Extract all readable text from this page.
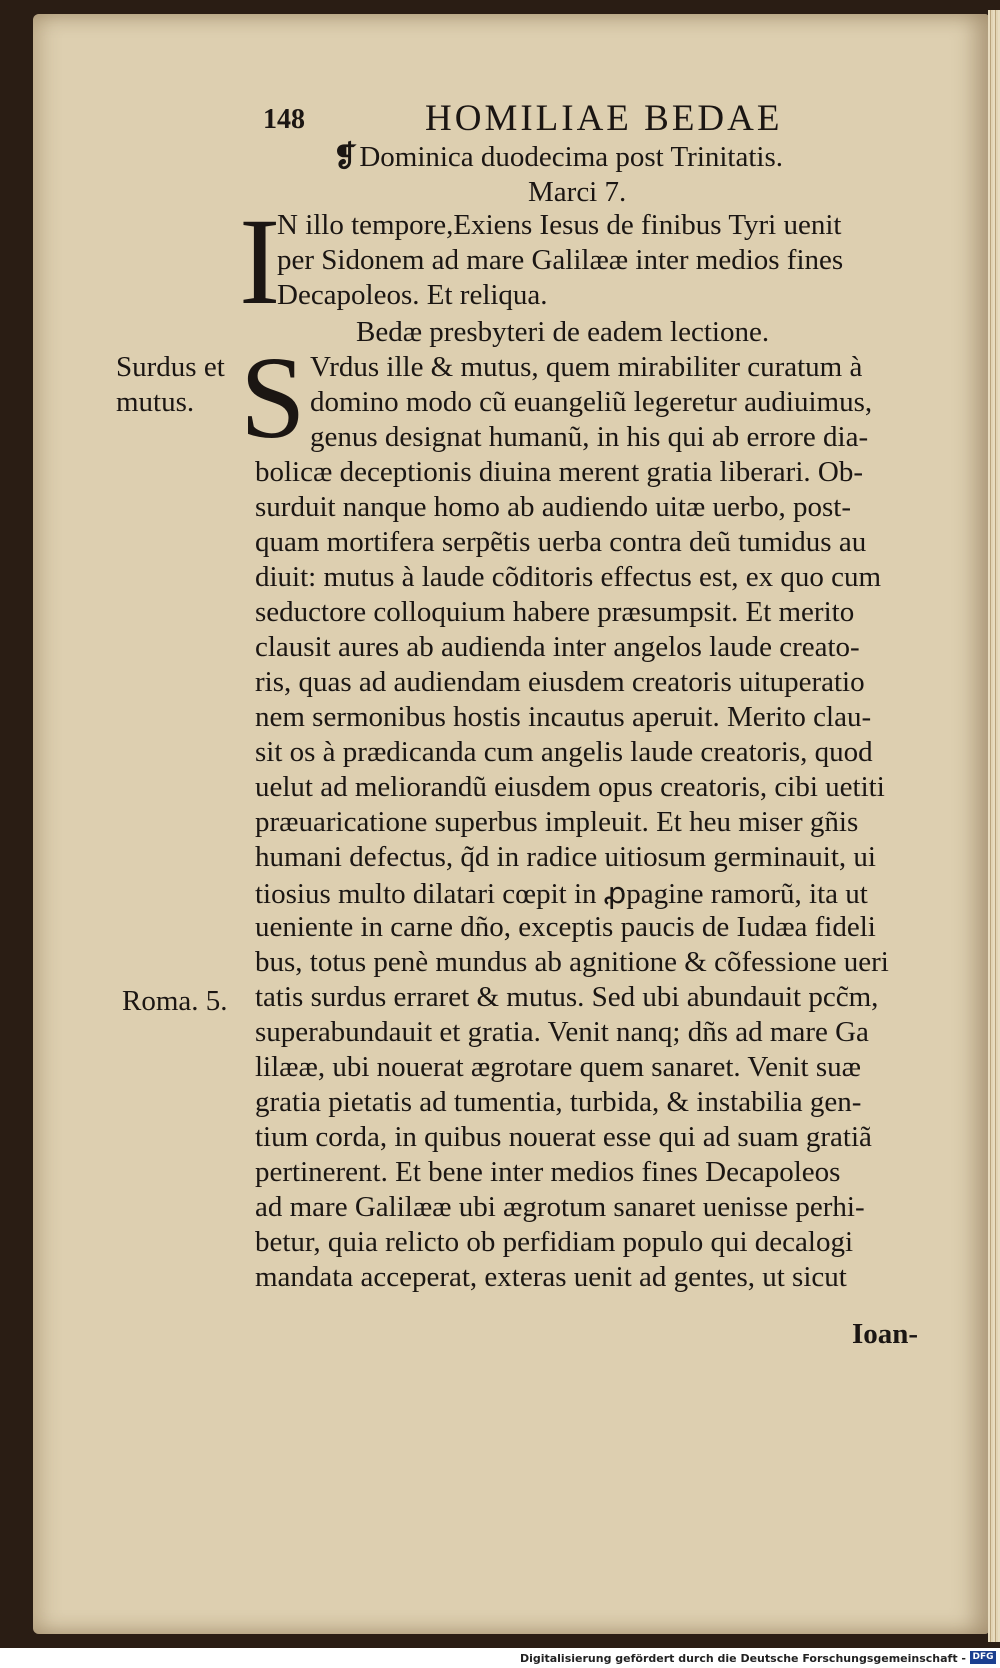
148	HOMILIAE BEDAE
❡Dominica duodecima post Trinitatis.
Marci 7.
I
N illo tempore,Exiens Iesus de finibus Tyri uenit
per Sidonem ad mare Galilææ inter medios fines
Decapoleos. Et reliqua.
Bedæ presbyteri de eadem lectione.
S Vrdus ille & mutus, quem mirabiliter curatum à
domino modo cũ euangeliũ legeretur audiuimus,
genus designat humanũ, in his qui ab errore dia-
bolicæ deceptionis diuina merent gratia liberari. Ob-
surduit nanque homo ab audiendo uitæ uerbo, post-
quam mortifera serpẽtis uerba contra deũ tumidus au
diuit: mutus à laude cõditoris effectus est, ex quo cum
seductore colloquium habere præsumpsit. Et merito
clausit aures ab audienda inter angelos laude creato-
ris, quas ad audiendam eiusdem creatoris uituperatio
nem sermonibus hostis incautus aperuit. Merito clau-
sit os à prædicanda cum angelis laude creatoris, quod
uelut ad meliorandũ eiusdem opus creatoris, cibi uetiti
præuaricatione superbus impleuit. Et heu miser gñis
humani defectus, q̃d in radice uitiosum germinauit, ui
tiosius multo dilatari cœpit in ꝓpagine ramorũ, ita ut
ueniente in carne dño, exceptis paucis de Iudæa fideli
bus, totus penè mundus ab agnitione & cõfessione ueri
tatis surdus erraret & mutus. Sed ubi abundauit pcc̃m,
superabundauit et gratia. Venit nanq; dñs ad mare Ga
lilææ, ubi nouerat ægrotare quem sanaret. Venit suæ
gratia pietatis ad tumentia, turbida, & instabilia gen-
tium corda, in quibus nouerat esse qui ad suam gratiã
pertinerent. Et bene inter medios fines Decapoleos
ad mare Galilææ ubi ægrotum sanaret uenisse perhi-
betur, quia relicto ob perfidiam populo qui decalogi
mandata acceperat, exteras uenit ad gentes, ut sicut
Ioan-
Surdus et
mutus.
Roma. 5.
Digitalisierung gefördert durch die Deutsche Forschungsgemeinschaft - DFG
